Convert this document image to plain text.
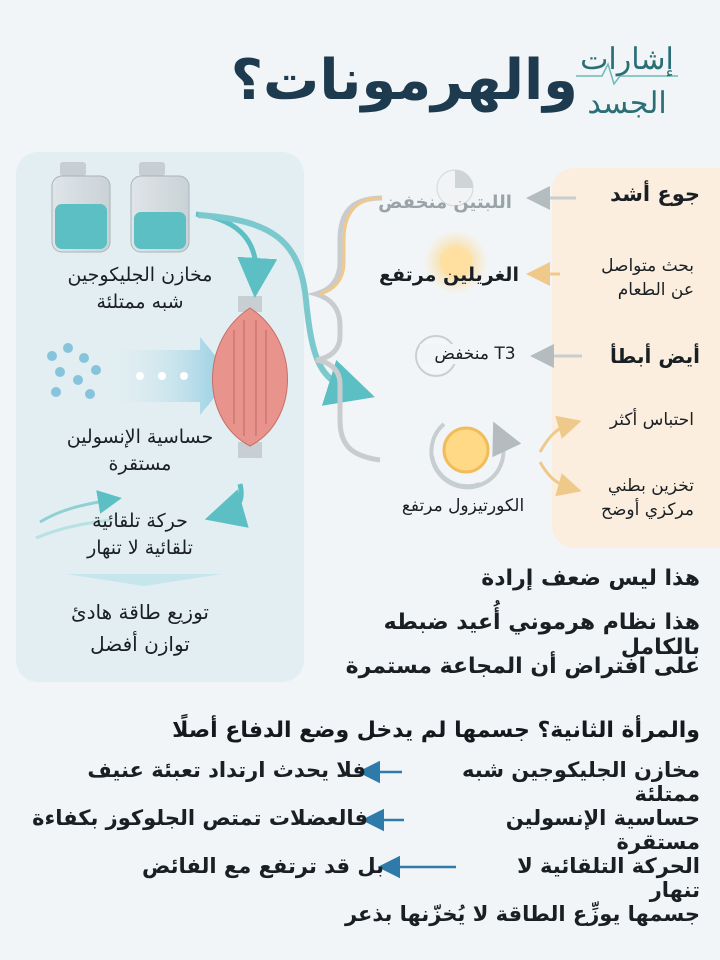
والهرمونات؟ إشارات
الجسد
مخازن الجليكوجين
شبه ممتلئة
حساسية الإنسولين
مستقرة
حركة تلقائية
تلقائية لا تنهار
توزيع طاقة هادئ
توازن أفضل
اللبتين منخفض
الغريلين مرتفع
T3 منخفض
الكورتيزول مرتفع
جوع أشد
بحث متواصل
عن الطعام
أيض أبطأ
احتباس أكثر
تخزين بطني
مركزي أوضح
هذا ليس ضعف إرادة
هذا نظام هرموني أُعيد ضبطه بالكامل
على افتراض أن المجاعة مستمرة
والمرأة الثانية؟ جسمها لم يدخل وضع الدفاع أصلًا
مخازن الجليكوجين شبه ممتلئة
فلا يحدث ارتداد تعبئة عنيف
حساسية الإنسولين مستقرة
فالعضلات تمتص الجلوكوز بكفاءة
الحركة التلقائية لا تنهار
بل قد ترتفع مع الفائض
جسمها يوزِّع الطاقة لا يُخزّنها بذعر
